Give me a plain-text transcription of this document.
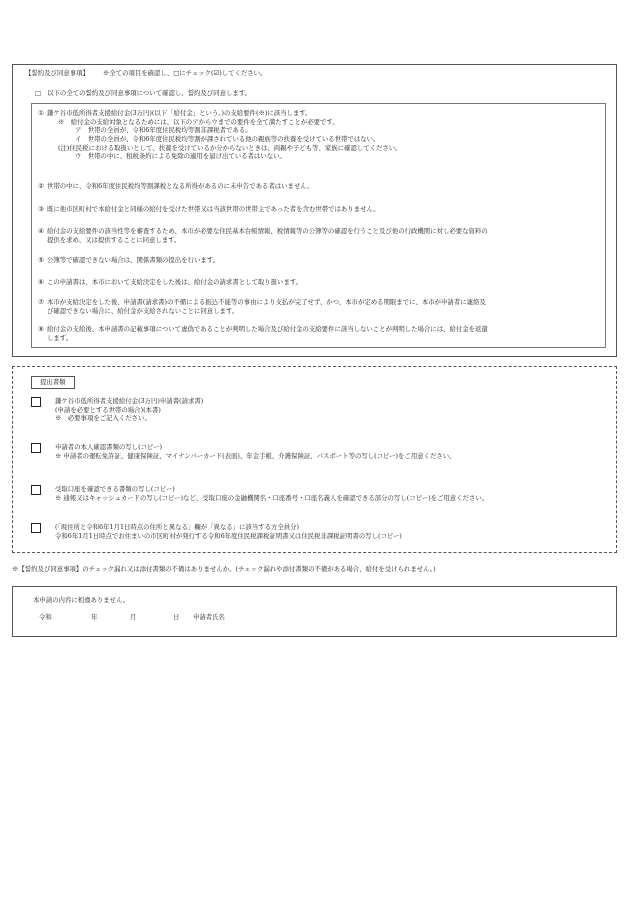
【誓約及び同意事項】 ※全ての項目を確認し、□にチェック(☑)してください。
□ 以下の全ての誓約及び同意事項について確認し、誓約及び同意します。
① 鎌ケ谷市低所得者支援給付金(3万円)(以下「給付金」という。)の支給要件(※)に該当します。
※　給付金の支給対象となるためには、以下のアからウまでの要件を全て満たすことが必要です。
ア　世帯の全員が、令和6年度住民税均等割非課税者である。
イ　世帯の全員が、令和6年度住民税均等割が課されている他の親族等の扶養を受けている世帯ではない。
(注)住民税における取扱いとして、扶養を受けているか分からないときは、両親や子ども等、家族に確認してください。
ウ　世帯の中に、租税条約による免除の適用を届け出ている者はいない。
② 世帯の中に、令和6年度住民税均等割課税となる所得があるのに未申告である者はいません。
③ 既に他市区町村で本給付金と同様の給付を受けた世帯又は当該世帯の世帯主であった者を含む世帯ではありません。
④ 給付金の支給要件の該当性等を審査するため、本市が必要な住民基本台帳情報、税情報等の公簿等の確認を行うこと及び他の行政機関に対し必要な資料の
提供を求め、又は提供することに同意します。
⑤ 公簿等で確認できない場合は、関係書類の提出を行います。
⑥ この申請書は、本市において支給決定をした後は、給付金の請求書として取り扱います。
⑦ 本市が支給決定をした後、申請書(請求書)の不備による振込不能等の事由により支払が完了せず、かつ、本市が定める期限までに、本市が申請者に連絡及
び確認できない場合に、給付金が支給されないことに同意します。
⑧ 給付金の支給後、本申請書の記載事項について虚偽であることが判明した場合及び給付金の支給要件に該当しないことが判明した場合には、給付金を返還
します。
提出書類
鎌ケ谷市低所得者支援給付金(3万円)申請書(請求書)
(申請を必要とする世帯の場合)(本書)
※　必要事項をご記入ください。
申請者の本人確認書類の写し(コピー)
※ 申請者の運転免許証、健康保険証、マイナンバーカード(表面)、年金手帳、介護保険証、パスポート等の写し(コピー)をご用意ください。
受取口座を確認できる書類の写し(コピー)
※ 通帳又はキャッシュカードの写し(コピー)など、受取口座の金融機関名・口座番号・口座名義人を確認できる部分の写し(コピー)をご用意ください。
(「現住所と令和6年1月1日時点の住所と異なる」欄が「異なる」に該当する方全員分)
令和6年1月1日時点でお住まいの市区町村が発行する令和6年度住民税課税証明書又は住民税非課税証明書の写し(コピー)
※【誓約及び同意事項】のチェック漏れ又は添付書類の不備はありませんか。(チェック漏れや添付書類の不備がある場合、給付を受けられません。)
本申請の内容に相違ありません。
令和	年	月	日 申請者氏名
